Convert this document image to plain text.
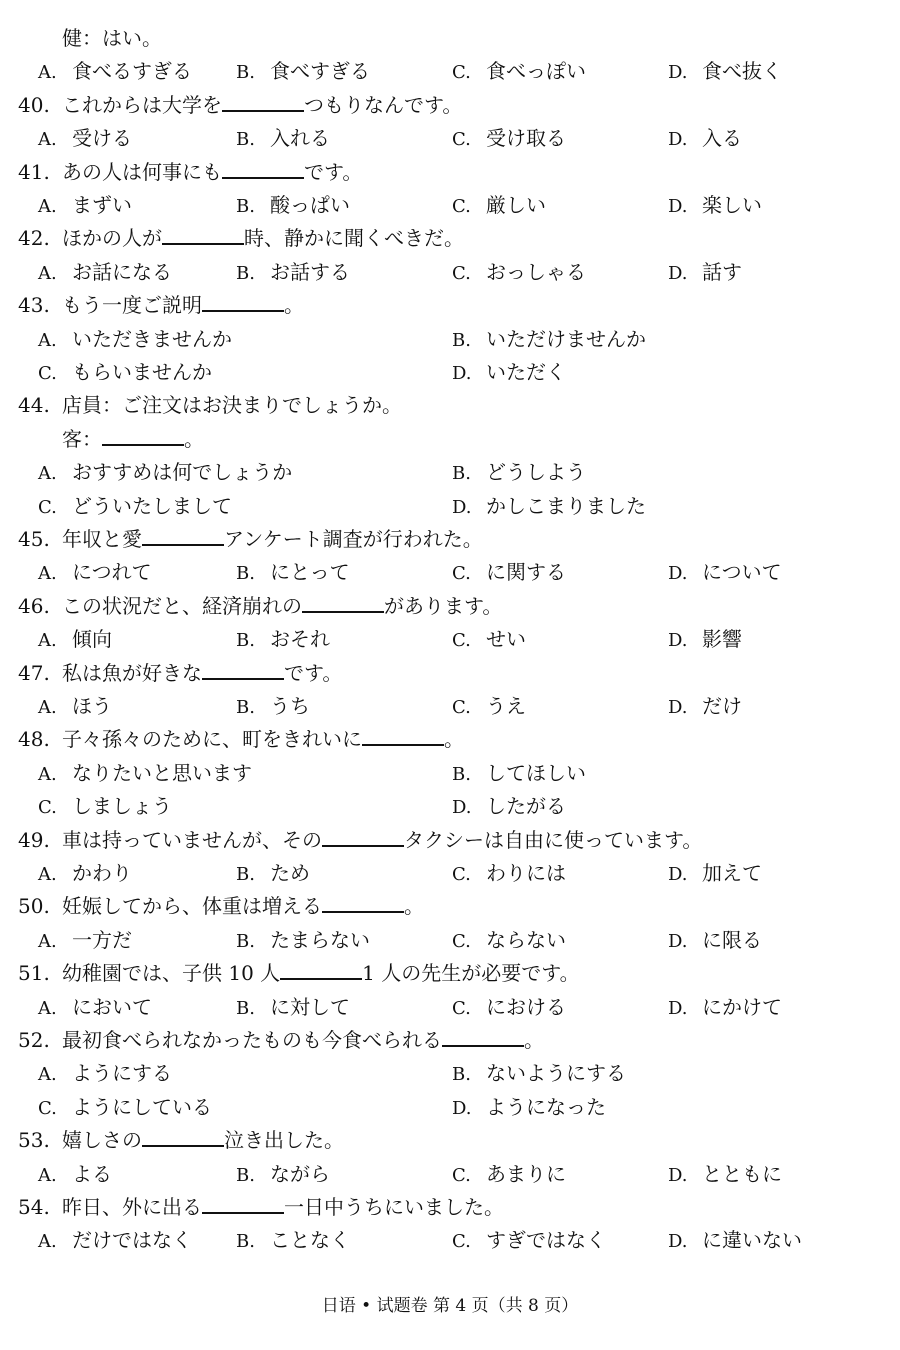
日语 • 试题卷 第 4 页（共 8 页）
健：はい。
A. 食べるすぎる B. 食べすぎる	C. 食べっぽい	D. 食べ抜く
40. これからは大学を	つもりなんです。
A. 受ける	B. 入れる	C. 受け取る	D. 入る
41. あの人は何事にも	です。
A. まずい	B. 酸っぱい	C. 厳しい	D. 楽しい
42. ほかの人が	時、静かに聞くべきだ。
A. お話になる	B. お話する	C. おっしゃる	D. 話す
43. もう一度ご説明	。
A. いただきませんか	B. いただけませんか
C. もらいませんか	D. いただく
44. 店員：ご注文はお決まりでしょうか。
客：	。
A. おすすめは何でしょうか	B. どうしよう
C. どういたしまして	D. かしこまりました
45. 年収と愛	アンケート調査が行われた。
A. につれて	B. にとって	C. に関する	D. について
46. この状況だと、経済崩れの	があります。
A. 傾向	B. おそれ	C. せい	D. 影響
47. 私は魚が好きな	です。
A. ほう	B. うち	C. うえ	D. だけ
48. 子々孫々のために、町をきれいに	。
A. なりたいと思います	B. してほしい
C. しましょう	D. したがる
49. 車は持っていませんが、その	タクシーは自由に使っています。
A. かわり	B. ため	C. わりには	D. 加えて
50. 妊娠してから、体重は増える	。
A. 一方だ	B. たまらない	C. ならない	D. に限る
51. 幼稚園では、子供 10 人	1 人の先生が必要です。
A. において	B. に対して	C. における	D. にかけて
52. 最初食べられなかったものも今食べられる	。
A. ようにする	B. ないようにする
C. ようにしている	D. ようになった
53. 嬉しさの	泣き出した。
A. よる	B. ながら	C. あまりに	D. とともに
54. 昨日、外に出る	一日中うちにいました。
A. だけではなく B. ことなく	C. すぎではなく	D. に違いない
